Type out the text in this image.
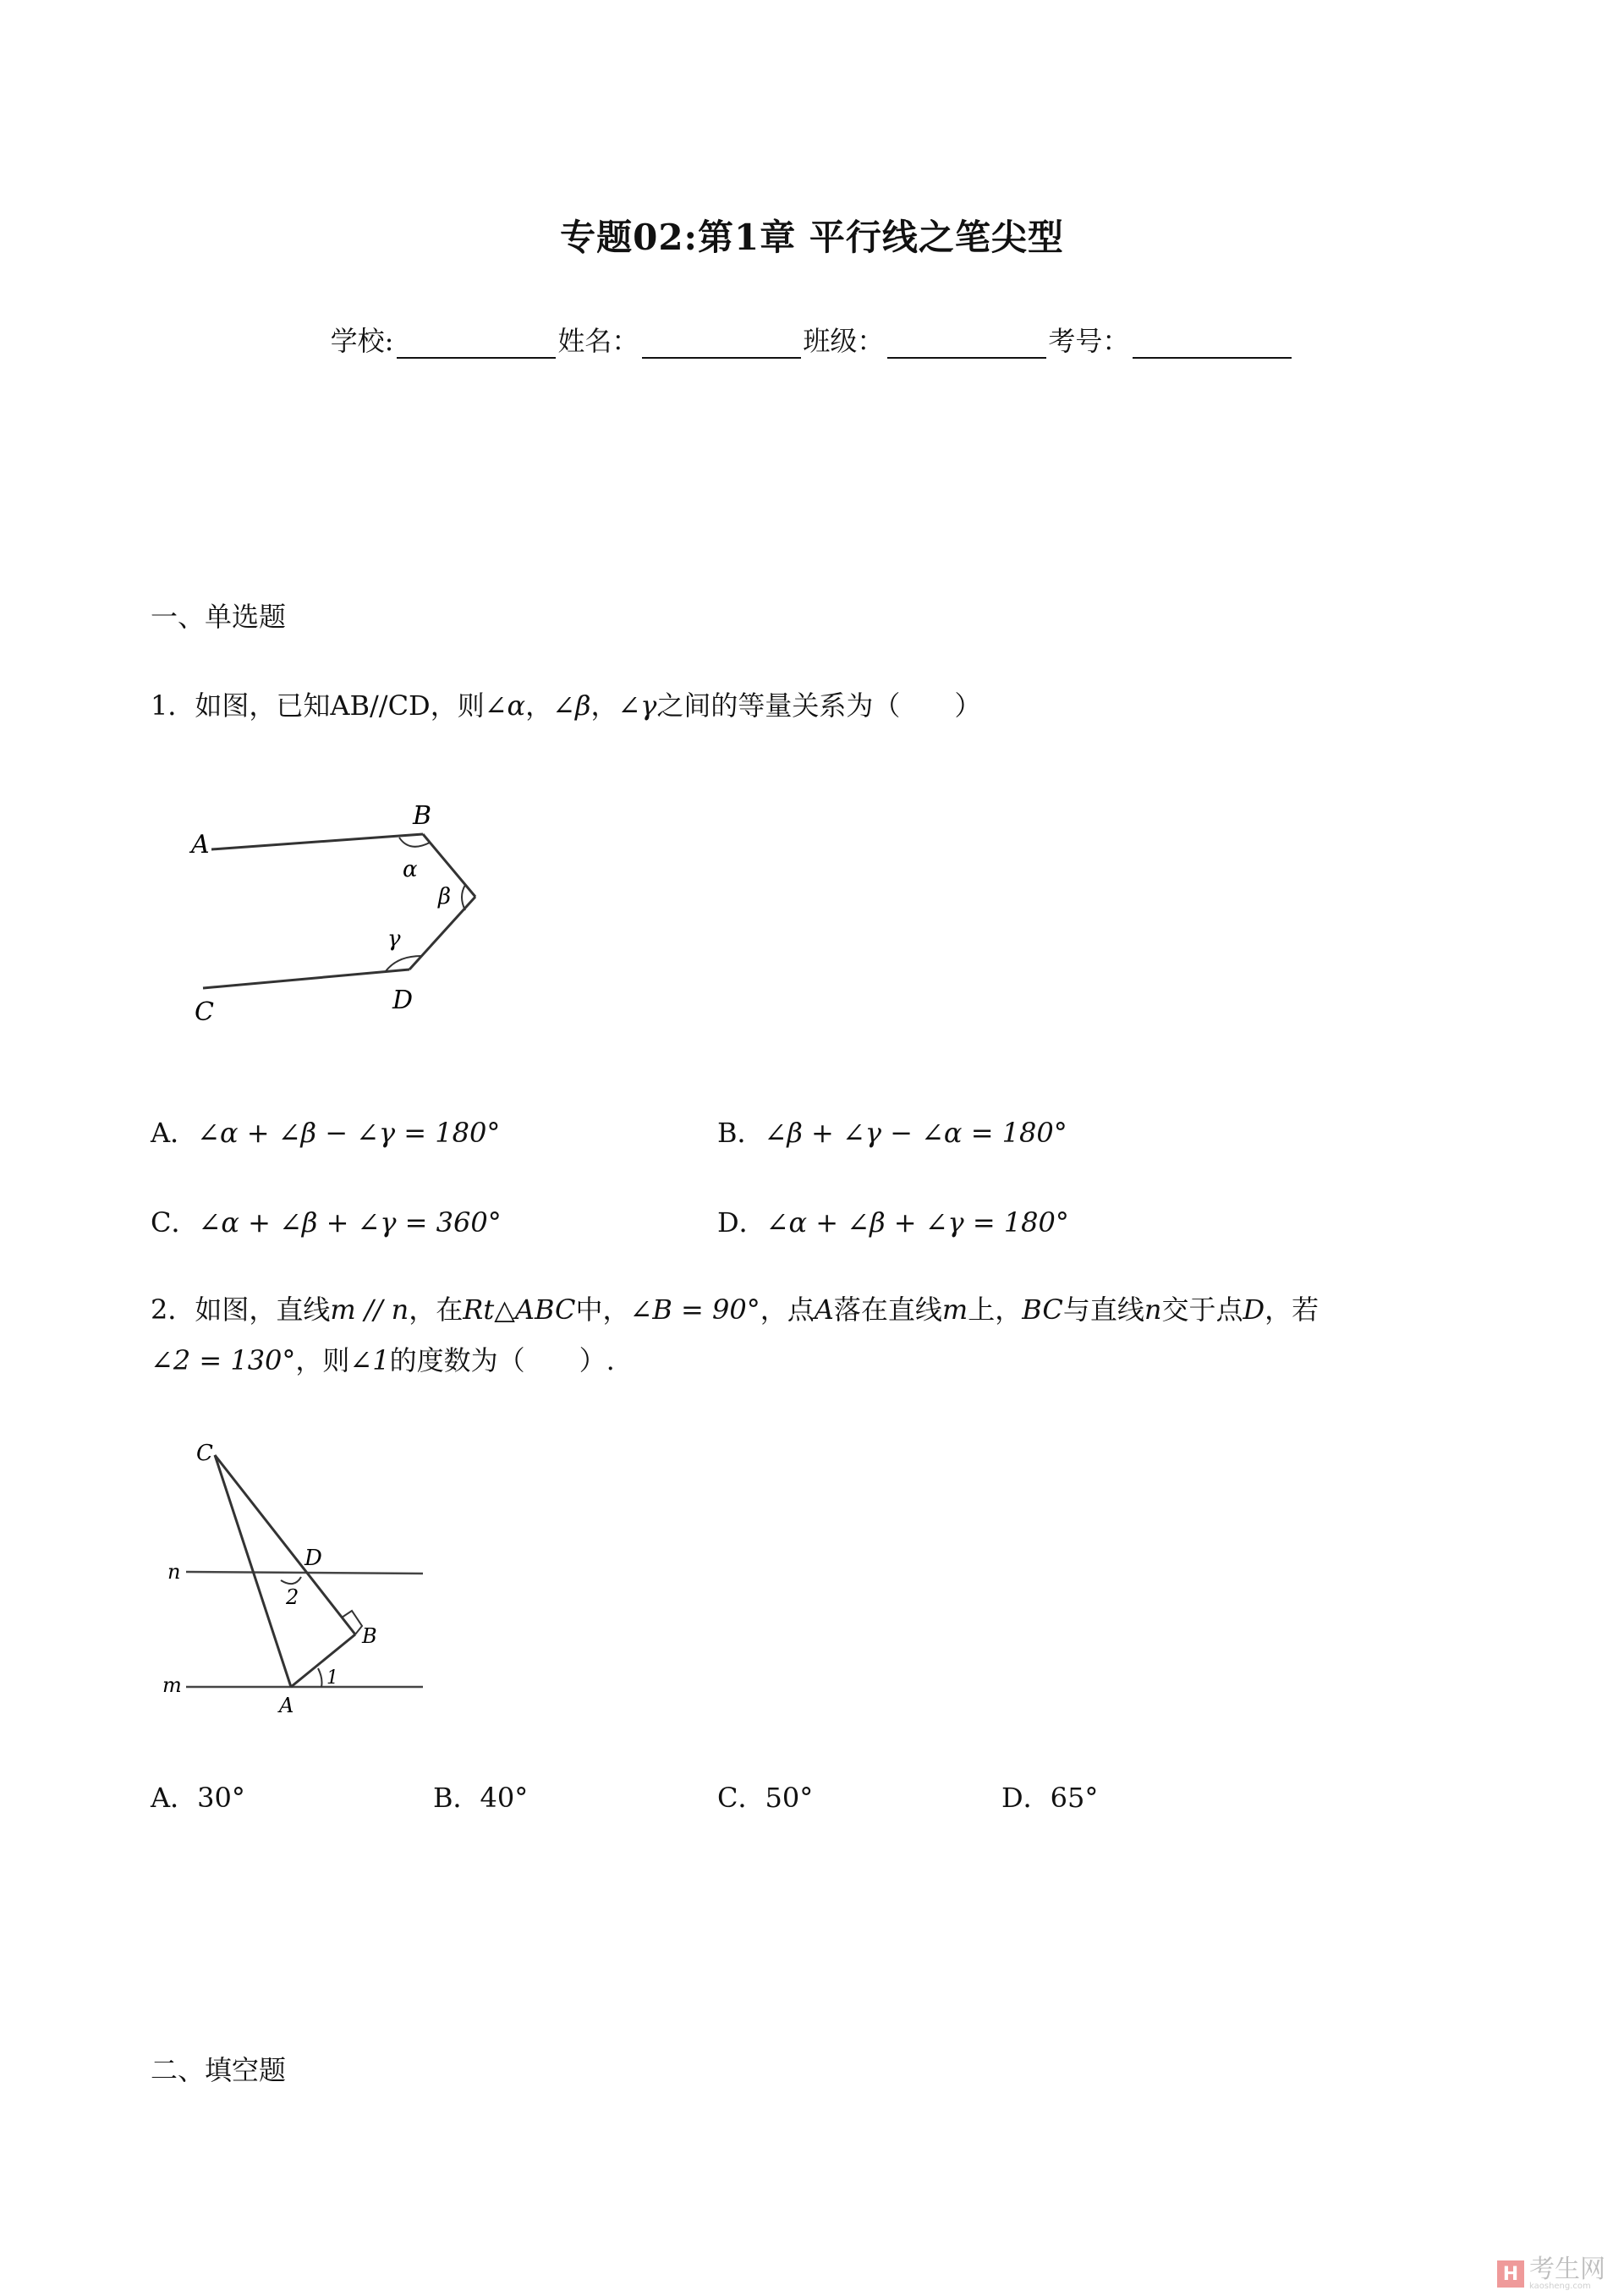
专题02:第1章 平行线之笔尖型
学校:	姓名：	班级：	考号：
一、单选题
1．如图，已知AB//CD，则∠α，∠β，∠γ之间的等量关系为（　　）
A
B
α
β
γ
C	D
A．∠α + ∠β − ∠γ = 180°	B．∠β + ∠γ − ∠α = 180°
C．∠α + ∠β + ∠γ = 360°	D．∠α + ∠β + ∠γ = 180°
2．如图，直线m // n，在Rt△ABC中，∠B = 90°，点A落在直线m上，BC与直线n交于点D，若
∠2 = 130°，则∠1的度数为（　　）.
C
n
D
2
B
m	1
A
A．30°	B．40°	C．50°	D．65°
二、填空题
H 考生网
kaosheng.com
